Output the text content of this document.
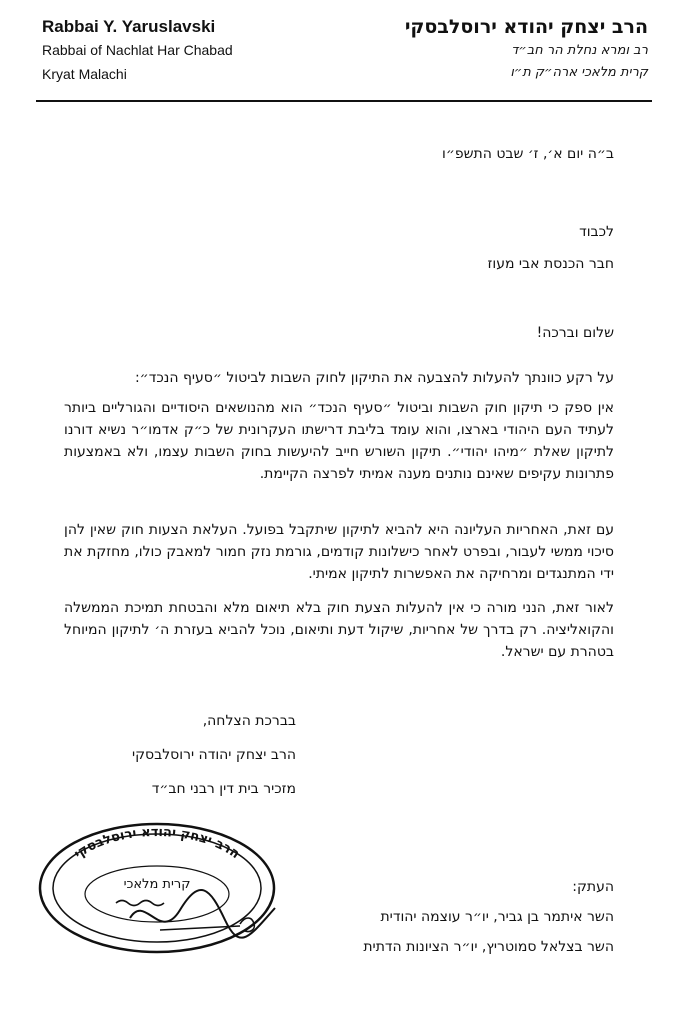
Rabbai Y. Yaruslavski

Rabbai of Nachlat Har Chabad

Kryat Malachi

הרב יצחק יהודא ירוסלבסקי

רב ומרא נחלת הר חב״ד

קרית מלאכי ארה״ק ת״ו

ב״ה יום א׳, ז׳ שבט התשפ״ו
לכבוד
חבר הכנסת אבי מעוז
שלום וברכה!

על רקע כוונתך להעלות להצבעה את התיקון לחוק השבות לביטול ״סעיף הנכד״:

אין ספק כי תיקון חוק השבות וביטול ״סעיף הנכד״ הוא מהנושאים היסודיים והגורליים ביותר לעתיד העם היהודי בארצו, והוא עומד בליבת דרישתו העקרונית של כ״ק אדמו״ר נשיא דורנו לתיקון שאלת ״מיהו יהודי״. תיקון השורש חייב להיעשות בחוק השבות עצמו, ולא באמצעות פתרונות עקיפים שאינם נותנים מענה אמיתי לפרצה הקיימת.

עם זאת, האחריות העליונה היא להביא לתיקון שיתקבל בפועל. העלאת הצעות חוק שאין להן סיכוי ממשי לעבור, ובפרט לאחר כישלונות קודמים, גורמת נזק חמור למאבק כולו, מחזקת את ידי המתנגדים ומרחיקה את האפשרות לתיקון אמיתי.

לאור זאת, הנני מורה כי אין להעלות הצעת חוק בלא תיאום מלא והבטחת תמיכת הממשלה והקואליציה. רק בדרך של אחריות, שיקול דעת ותיאום, נוכל להביא בעזרת ה׳ לתיקון המיוחל בטהרת עם ישראל.

בברכת הצלחה,
הרב יצחק יהודה ירוסלבסקי
מזכיר בית דין רבני חב״ד
הרב יצחק יהודא ירוסלבסקי
קרית מלאכי	העתק:
השר איתמר בן גביר, יו״ר עוצמה יהודית
השר בצלאל סמוטריץ, יו״ר הציונות הדתית
